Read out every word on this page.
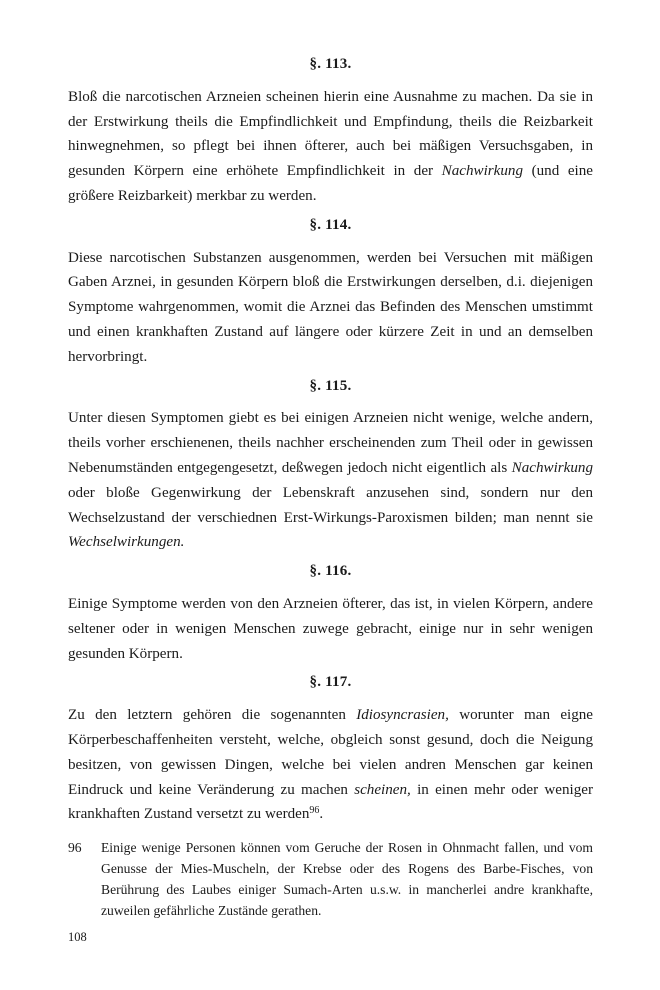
§. 113.

Bloß die narcotischen Arzneien scheinen hierin eine Ausnahme zu machen. Da sie in der Erstwirkung theils die Empfindlichkeit und Empfindung, theils die Reizbarkeit hinwegnehmen, so pflegt bei ihnen öfterer, auch bei mäßigen Versuchsgaben, in gesunden Körpern eine erhöhete Empfindlichkeit in der Nachwirkung (und eine größere Reizbarkeit) merkbar zu werden.

§. 114.

Diese narcotischen Substanzen ausgenommen, werden bei Versuchen mit mäßigen Gaben Arznei, in gesunden Körpern bloß die Erstwirkungen derselben, d.i. diejenigen Symptome wahrgenommen, womit die Arznei das Befinden des Menschen umstimmt und einen krankhaften Zustand auf längere oder kürzere Zeit in und an demselben hervorbringt.

§. 115.

Unter diesen Symptomen giebt es bei einigen Arzneien nicht wenige, welche andern, theils vorher erschienenen, theils nachher erscheinenden zum Theil oder in gewissen Nebenumständen entgegengesetzt, deßwegen jedoch nicht eigentlich als Nachwirkung oder bloße Gegenwirkung der Lebenskraft anzusehen sind, sondern nur den Wechselzustand der verschiednen Erst-Wirkungs-Paroxismen bilden; man nennt sie Wechselwirkungen.

§. 116.

Einige Symptome werden von den Arzneien öfterer, das ist, in vielen Körpern, andere seltener oder in wenigen Menschen zuwege gebracht, einige nur in sehr wenigen gesunden Körpern.

§. 117.

Zu den letztern gehören die sogenannten Idiosyncrasien, worunter man eigne Körperbeschaffenheiten versteht, welche, obgleich sonst gesund, doch die Neigung besitzen, von gewissen Dingen, welche bei vielen andren Menschen gar keinen Eindruck und keine Veränderung zu machen scheinen, in einen mehr oder weniger krankhaften Zustand versetzt zu werden$^{96}$.

96	Einige wenige Personen können vom Geruche der Rosen in Ohnmacht fallen, und vom Genusse der Mies-Muscheln, der Krebse oder des Rogens des Barbe-Fisches, von Berührung des Laubes einiger Sumach-Arten u.s.w. in mancherlei andre krankhafte, zuweilen gefährliche Zustände gerathen.

108
